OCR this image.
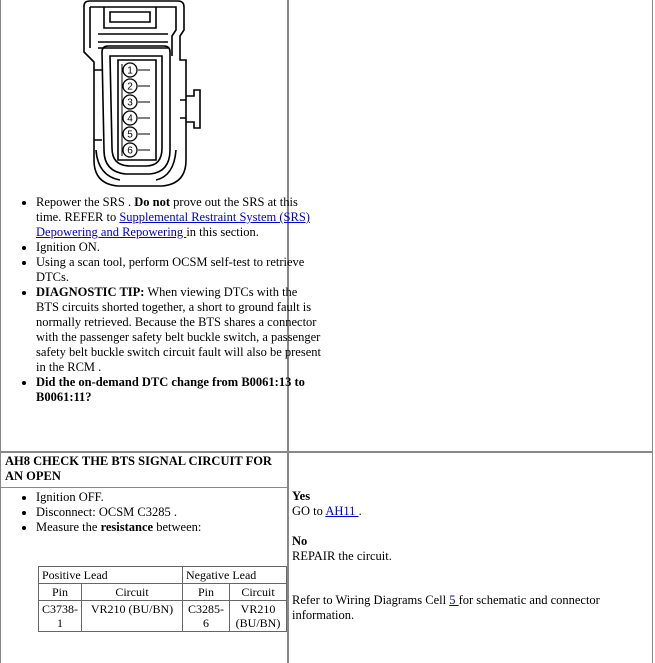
1
2
3
4
5
6
• Repower the SRS . Do not prove out the SRS at this time. REFER to Supplemental Restraint System (SRS) Depowering and Repowering in this section.
• Ignition ON.
• Using a scan tool, perform OCSM self-test to retrieve DTCs.
• DIAGNOSTIC TIP: When viewing DTCs with the BTS circuits shorted together, a short to ground fault is normally retrieved. Because the BTS shares a connector with the passenger safety belt buckle switch, a passenger safety belt buckle switch circuit fault will also be present in the RCM .
• Did the on-demand DTC change from B0061:13 to B0061:11?
AH8 CHECK THE BTS SIGNAL CIRCUIT FOR AN OPEN
• Ignition OFF.
• Disconnect: OCSM C3285 .
• Measure the resistance between:
Positive Lead		Negative Lead	
Pin	Circuit	Pin	Circuit
C3738-1	VR210 (BU/BN)	C3285-6	VR210 (BU/BN)
Yes
GO to AH11 .
No
REPAIR the circuit.
Refer to Wiring Diagrams Cell 5 for schematic and connector information.
